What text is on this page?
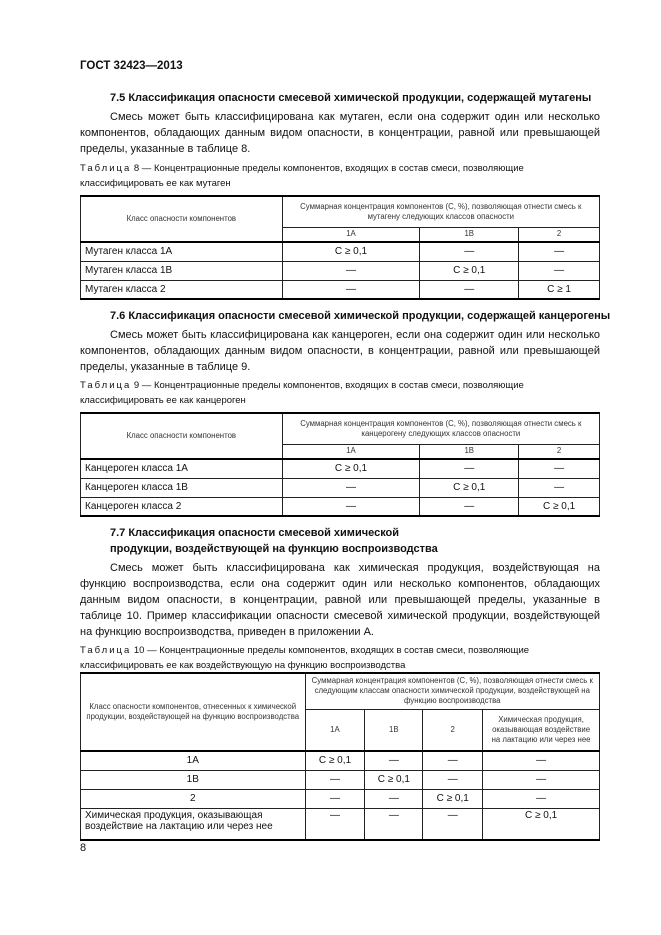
ГОСТ 32423—2013
7.5 Классификация опасности смесевой химической продукции, содержащей мутагены
Смесь может быть классифицирована как мутаген, если она содержит один или несколько компонентов, обладающих данным видом опасности, в концентрации, равной или превышающей пределы, указанные в таблице 8.
Таблица 8 — Концентрационные пределы компонентов, входящих в состав смеси, позволяющие классифицировать ее как мутаген
Класс опасности компонентов	Суммарная концентрация компонентов (C, %), позволяющая отнести смесь к мутагену следующих классов опасности		
	1A	1B	2
Мутаген класса 1А	C ≥ 0,1	—	—
Мутаген класса 1В	—	C ≥ 0,1	—
Мутаген класса 2	—	—	C ≥ 1
7.6 Классификация опасности смесевой химической продукции, содержащей канцерогены
Смесь может быть классифицирована как канцероген, если она содержит один или несколько компонентов, обладающих данным видом опасности, в концентрации, равной или превышающей пределы, указанные в таблице 9.
Таблица 9 — Концентрационные пределы компонентов, входящих в состав смеси, позволяющие классифицировать ее как канцероген
Класс опасности компонентов	Суммарная концентрация компонентов (C, %), позволяющая отнести смесь к канцерогену следующих классов опасности		
	1A	1B	2
Канцероген класса 1А	C ≥ 0,1	—	—
Канцероген класса 1В	—	C ≥ 0,1	—
Канцероген класса 2	—	—	C ≥ 0,1
7.7 Классификация опасности смесевой химической продукции, воздействующей на функцию воспроизводства
Смесь может быть классифицирована как химическая продукция, воздействующая на функцию воспроизводства, если она содержит один или несколько компонентов, обладающих данным видом опасности, в концентрации, равной или превышающей пределы, указанные в таблице 10. Пример классификации опасности смесевой химической продукции, воздействующей на функцию воспроизводства, приведен в приложении А.
Таблица 10 — Концентрационные пределы компонентов, входящих в состав смеси, позволяющие классифицировать ее как воздействующую на функцию воспроизводства
Класс опасности компонентов, отнесенных к химической продукции, воздействующей на функцию воспроизводства	Суммарная концентрация компонентов (C, %), позволяющая отнести смесь к следующим классам опасности химической продукции, воздействующей на функцию воспроизводства			
	1A	1B	2	Химическая продукция, оказывающая воздействие на лактацию или через нее
1А	C ≥ 0,1	—	—	—
1В	—	C ≥ 0,1	—	—
2	—	—	C ≥ 0,1	—
Химическая продукция, оказывающая воздействие на лактацию или через нее	—	—	—	C ≥ 0,1
8
